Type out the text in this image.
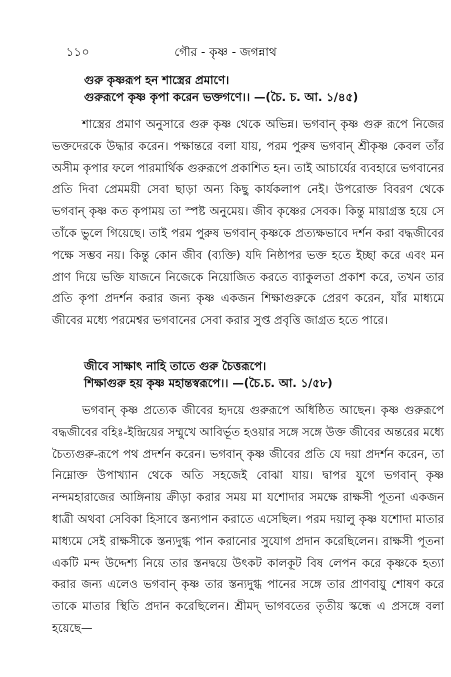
১১০	গৌর - কৃষ্ণ - জগন্নাথ
গুরু কৃষ্ণরূপ হন শাস্ত্রের প্রমাণে।
গুরুরূপে কৃষ্ণ কৃপা করেন ভক্তগণে।। —(চৈ. চ. আ. ১/৪৫)
শাস্ত্রের প্রমাণ অনুসারে গুরু কৃষ্ণ থেকে অভিন্ন। ভগবান্ কৃষ্ণ গুরু রূপে নিজের ভক্তদেরকে উদ্ধার করেন। পক্ষান্তরে বলা যায়, পরম পুরুষ ভগবান্ শ্রীকৃষ্ণ কেবল তাঁর অসীম কৃপার ফলে পারমার্থিক গুরুরূপে প্রকাশিত হন। তাই আচার্যের ব্যবহারে ভগবানের প্রতি দিবা প্রেমময়ী সেবা ছাড়া অন্য কিছু কার্যকলাপ নেই। উপরোক্ত বিবরণ থেকে ভগবান্ কৃষ্ণ কত কৃপাময় তা স্পষ্ট অনুমেয়। জীব কৃষ্ণের সেবক। কিন্তু মায়াগ্রস্ত হয়ে সে তাঁকে ভুলে গিয়েছে। তাই পরম পুরুষ ভগবান্ কৃষ্ণকে প্রত্যক্ষভাবে দর্শন করা বদ্ধজীবের পক্ষে সম্ভব নয়। কিন্তু কোন জীব (ব্যক্তি) যদি নিষ্ঠাপর ভক্ত হতে ইচ্ছা করে এবং মন প্রাণ দিয়ে ভক্তি যাজনে নিজেকে নিয়োজিত করতে ব্যাকুলতা প্রকাশ করে, তখন তার প্রতি কৃপা প্রদর্শন করার জন্য কৃষ্ণ একজন শিক্ষাগুরুকে প্রেরণ করেন, যাঁর মাধ্যমে জীবের মধ্যে পরমেশ্বর ভগবানের সেবা করার সুপ্ত প্রবৃত্তি জাগ্রত হতে পারে।
জীবে সাক্ষাৎ নাহি তাতে গুরু চৈত্তরূপে।
শিক্ষাগুরু হয় কৃষ্ণ মহান্তস্বরূপে।। —(চৈ.চ. আ. ১/৫৮)
ভগবান্ কৃষ্ণ প্রত্যেক জীবের হৃদয়ে গুরুরূপে অধিষ্ঠিত আছেন। কৃষ্ণ গুরুরূপে বদ্ধজীবের বহিঃ-ইন্দ্রিয়ের সম্মুখে আবির্ভূত হওয়ার সঙ্গে সঙ্গে উক্ত জীবের অন্তরের মধ্যে চৈত্যগুরু-রূপে পথ প্রদর্শন করেন। ভগবান্ কৃষ্ণ জীবের প্রতি যে দয়া প্রদর্শন করেন, তা নিম্নোক্ত উপাখ্যান থেকে অতি সহজেই বোঝা যায়। দ্বাপর যুগে ভগবান্ কৃষ্ণ নন্দমহারাজের আঙ্গিনায় ক্রীড়া করার সময় মা যশোদার সমক্ষে রাক্ষসী পূতনা একজন ধাত্রী অথবা সেবিকা হিসাবে স্তন্যপান করাতে এসেছিল। পরম দয়ালু কৃষ্ণ যশোদা মাতার মাধ্যমে সেই রাক্ষসীকে স্তন্যদুগ্ধ পান করানোর সুযোগ প্রদান করেছিলেন। রাক্ষসী পূতনা একটি মন্দ উদ্দেশ্য নিয়ে তার স্তনদ্বয়ে উৎকট কালকূট বিষ লেপন করে কৃষ্ণকে হত্যা করার জন্য এলেও ভগবান্ কৃষ্ণ তার স্তন্যদুগ্ধ পানের সঙ্গে তার প্রাণবায়ু শোষণ করে তাকে মাতার স্থিতি প্রদান করেছিলেন। শ্রীমদ্ ভাগবতের তৃতীয় স্কন্ধে এ প্রসঙ্গে বলা হয়েছে—
